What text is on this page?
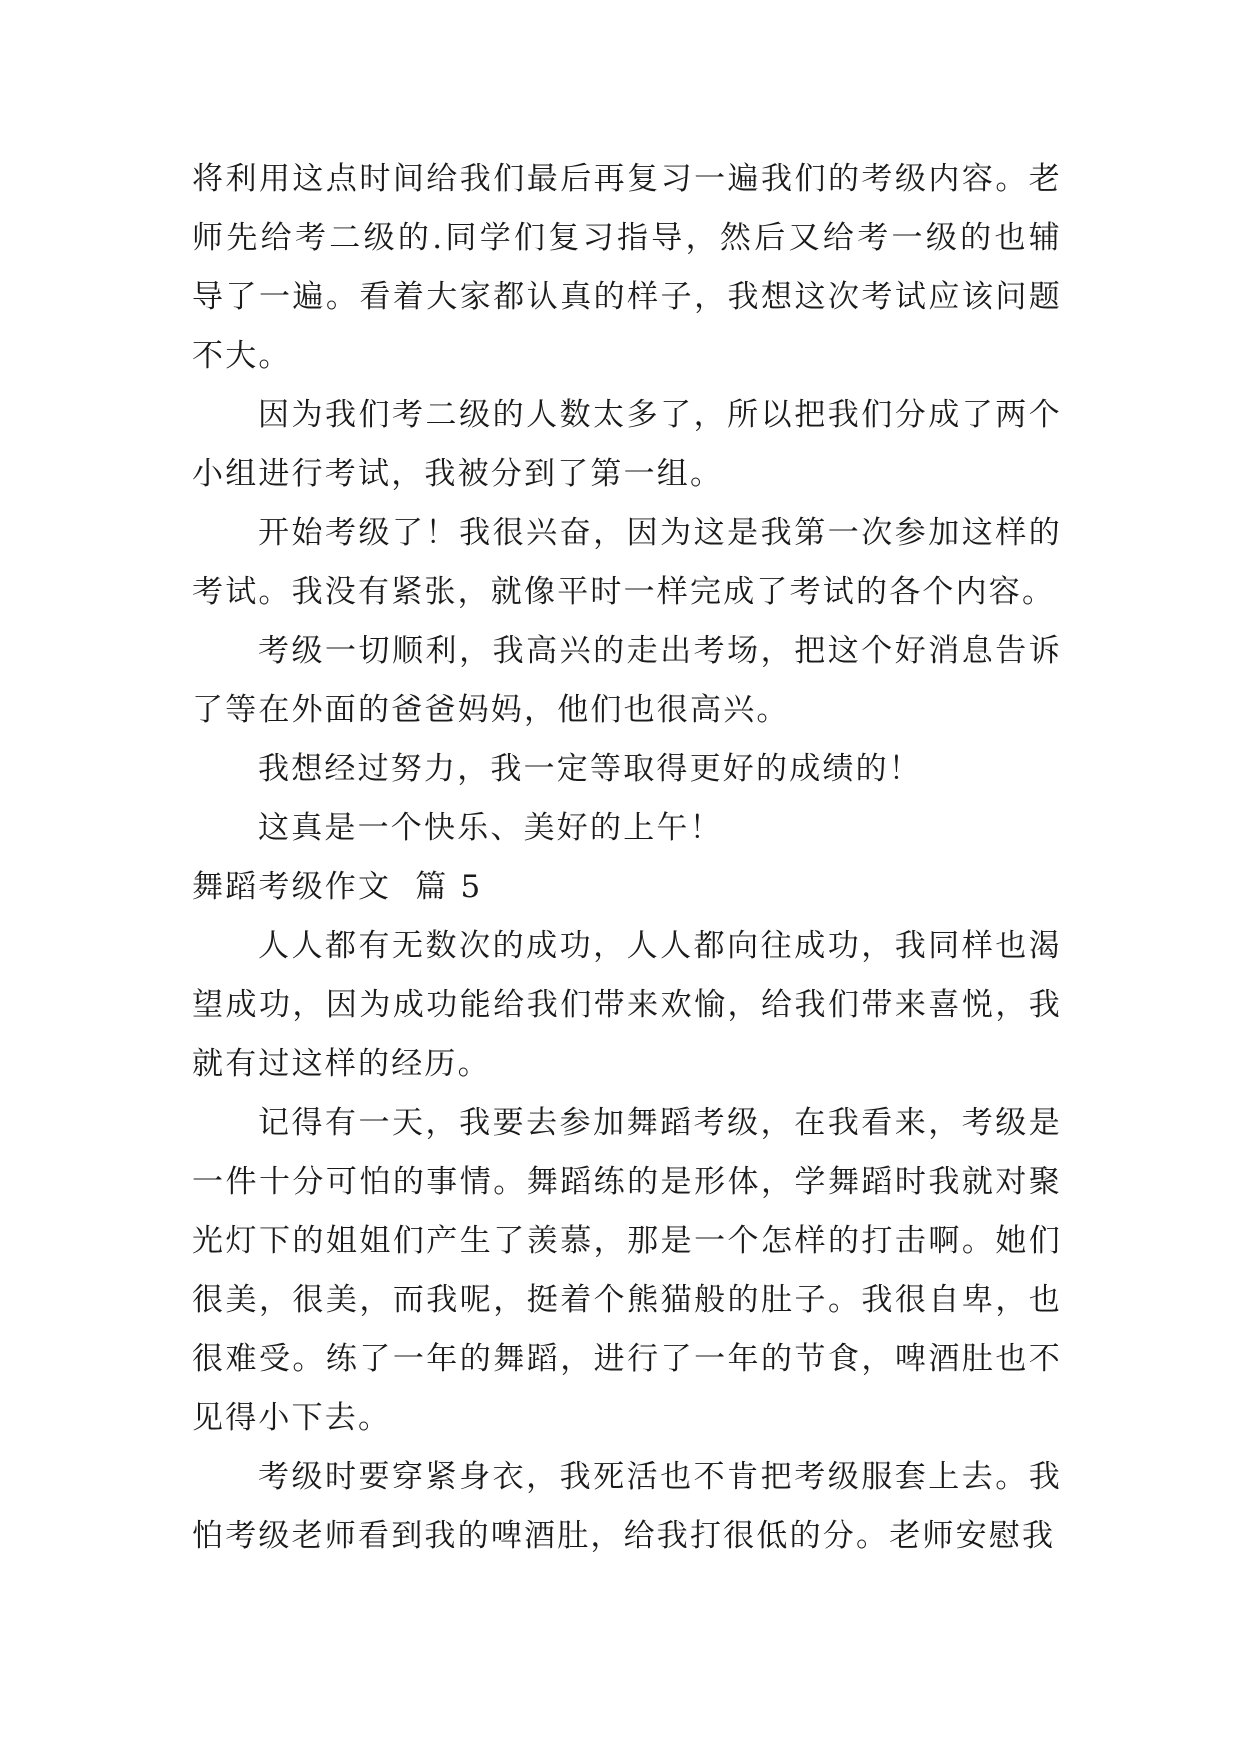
将利用这点时间给我们最后再复习一遍我们的考级内容。老师先给考二级的.同学们复习指导，然后又给考一级的也辅导了一遍。看着大家都认真的样子，我想这次考试应该问题不大。

因为我们考二级的人数太多了，所以把我们分成了两个小组进行考试，我被分到了第一组。

开始考级了！我很兴奋，因为这是我第一次参加这样的考试。我没有紧张，就像平时一样完成了考试的各个内容。

考级一切顺利，我高兴的走出考场，把这个好消息告诉了等在外面的爸爸妈妈，他们也很高兴。

我想经过努力，我一定等取得更好的成绩的！

这真是一个快乐、美好的上午！

舞蹈考级作文  篇 5

人人都有无数次的成功，人人都向往成功，我同样也渴望成功，因为成功能给我们带来欢愉，给我们带来喜悦，我就有过这样的经历。

记得有一天，我要去参加舞蹈考级，在我看来，考级是一件十分可怕的事情。舞蹈练的是形体，学舞蹈时我就对聚光灯下的姐姐们产生了羡慕，那是一个怎样的打击啊。她们很美，很美，而我呢，挺着个熊猫般的肚子。我很自卑，也很难受。练了一年的舞蹈，进行了一年的节食，啤酒肚也不见得小下去。

考级时要穿紧身衣，我死活也不肯把考级服套上去。我怕考级老师看到我的啤酒肚，给我打很低的分。老师安慰我
